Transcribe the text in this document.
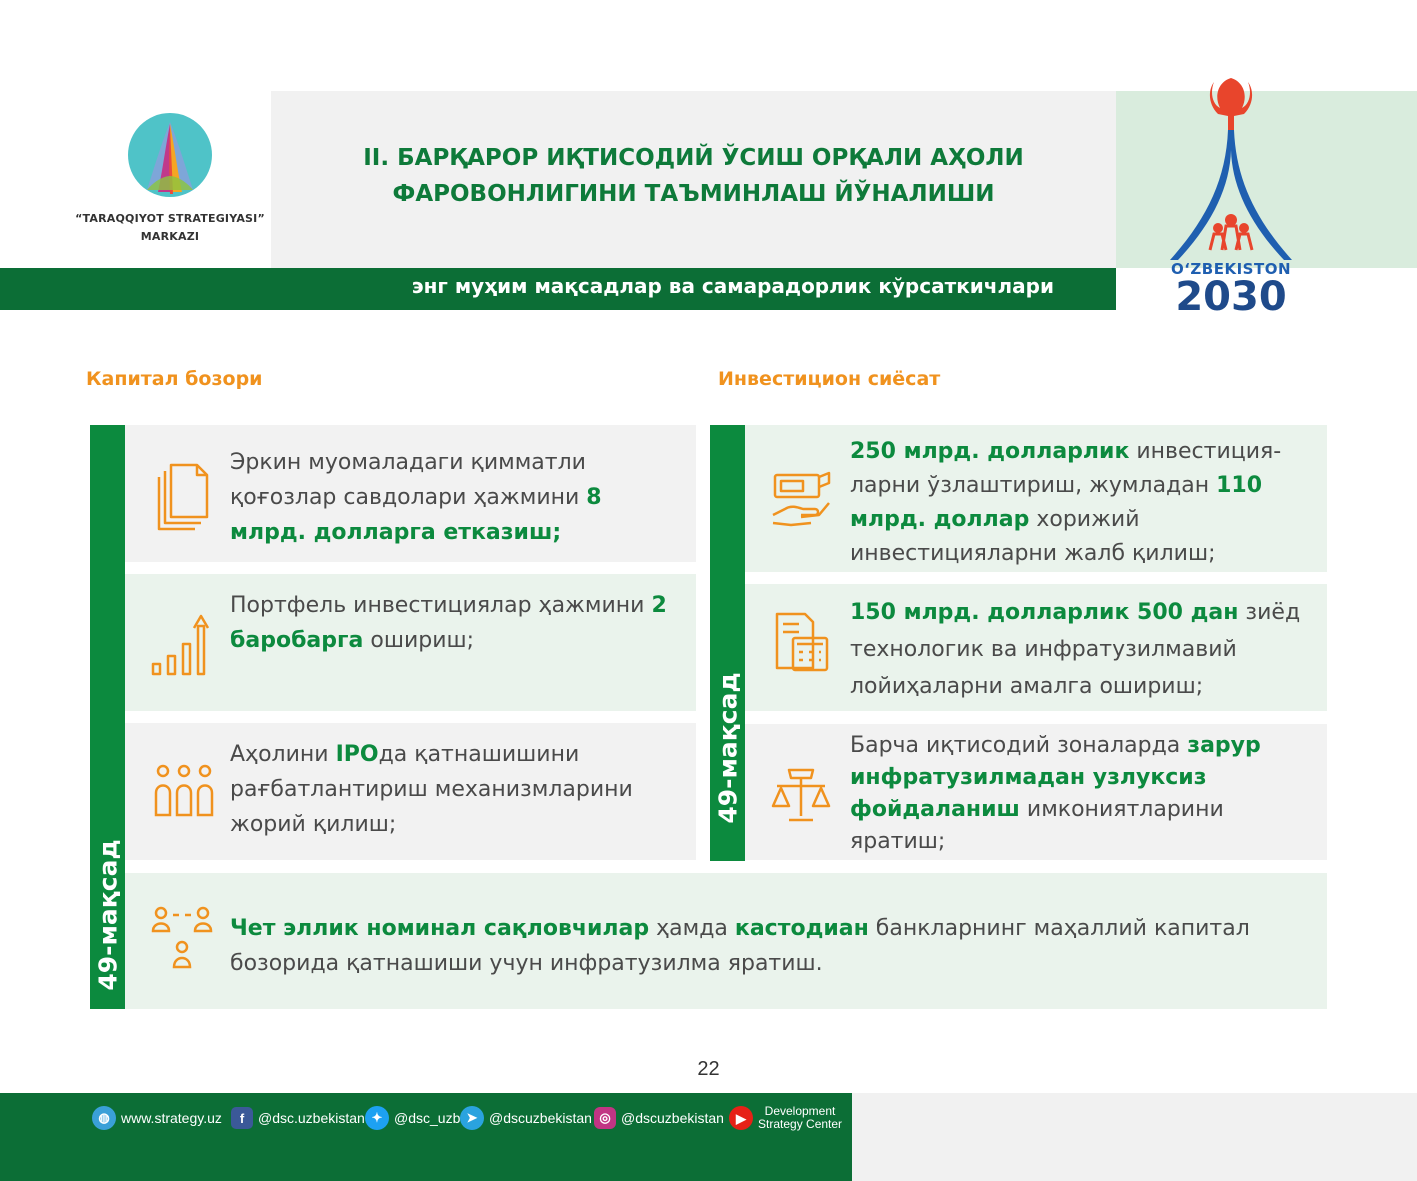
“TARAQQIYOT STRATEGIYASI”
MARKAZI
II. БАРҚАРОР ИҚТИСОДИЙ ЎСИШ ОРҚАЛИ АҲОЛИ
ФАРОВОНЛИГИНИ ТАЪМИНЛАШ ЙЎНАЛИШИ
энг муҳим мақсадлар ва самарадорлик кўрсаткичлари
O‘ZBEKISTON
2030
Капитал бозори	Инвестицион сиёсат
49-мақсад
49-мақсад
Эркин муомаладаги қимматли қоғозлар савдолари ҳажмини 8 млрд. долларга етказиш;
Портфель инвестициялар ҳажмини 2 баробарга ошириш;
Аҳолини IPOда қатнашишини рағбатлантириш механизмларини жорий қилиш;
250 млрд. долларлик инвестиция-ларни ўзлаштириш, жумладан 110 млрд. доллар хорижий инвестицияларни жалб қилиш;
150 млрд. долларлик 500 дан зиёд технологик ва инфратузилмавий лойиҳаларни амалга ошириш;
Барча иқтисодий зоналарда зарур инфратузилмадан узлуксиз фойдаланиш имкониятларини яратиш;
Чет эллик номинал сақловчилар ҳамда кастодиан банкларнинг маҳаллий капитал бозорида қатнашиши учун инфратузилма яратиш.
22
◍ www.strategy.uz	f @dsc.uzbekistan ✦ @dsc_uzb ➤ @dscuzbekistan ◎ @dscuzbekistan ▶	Development
Strategy Center
